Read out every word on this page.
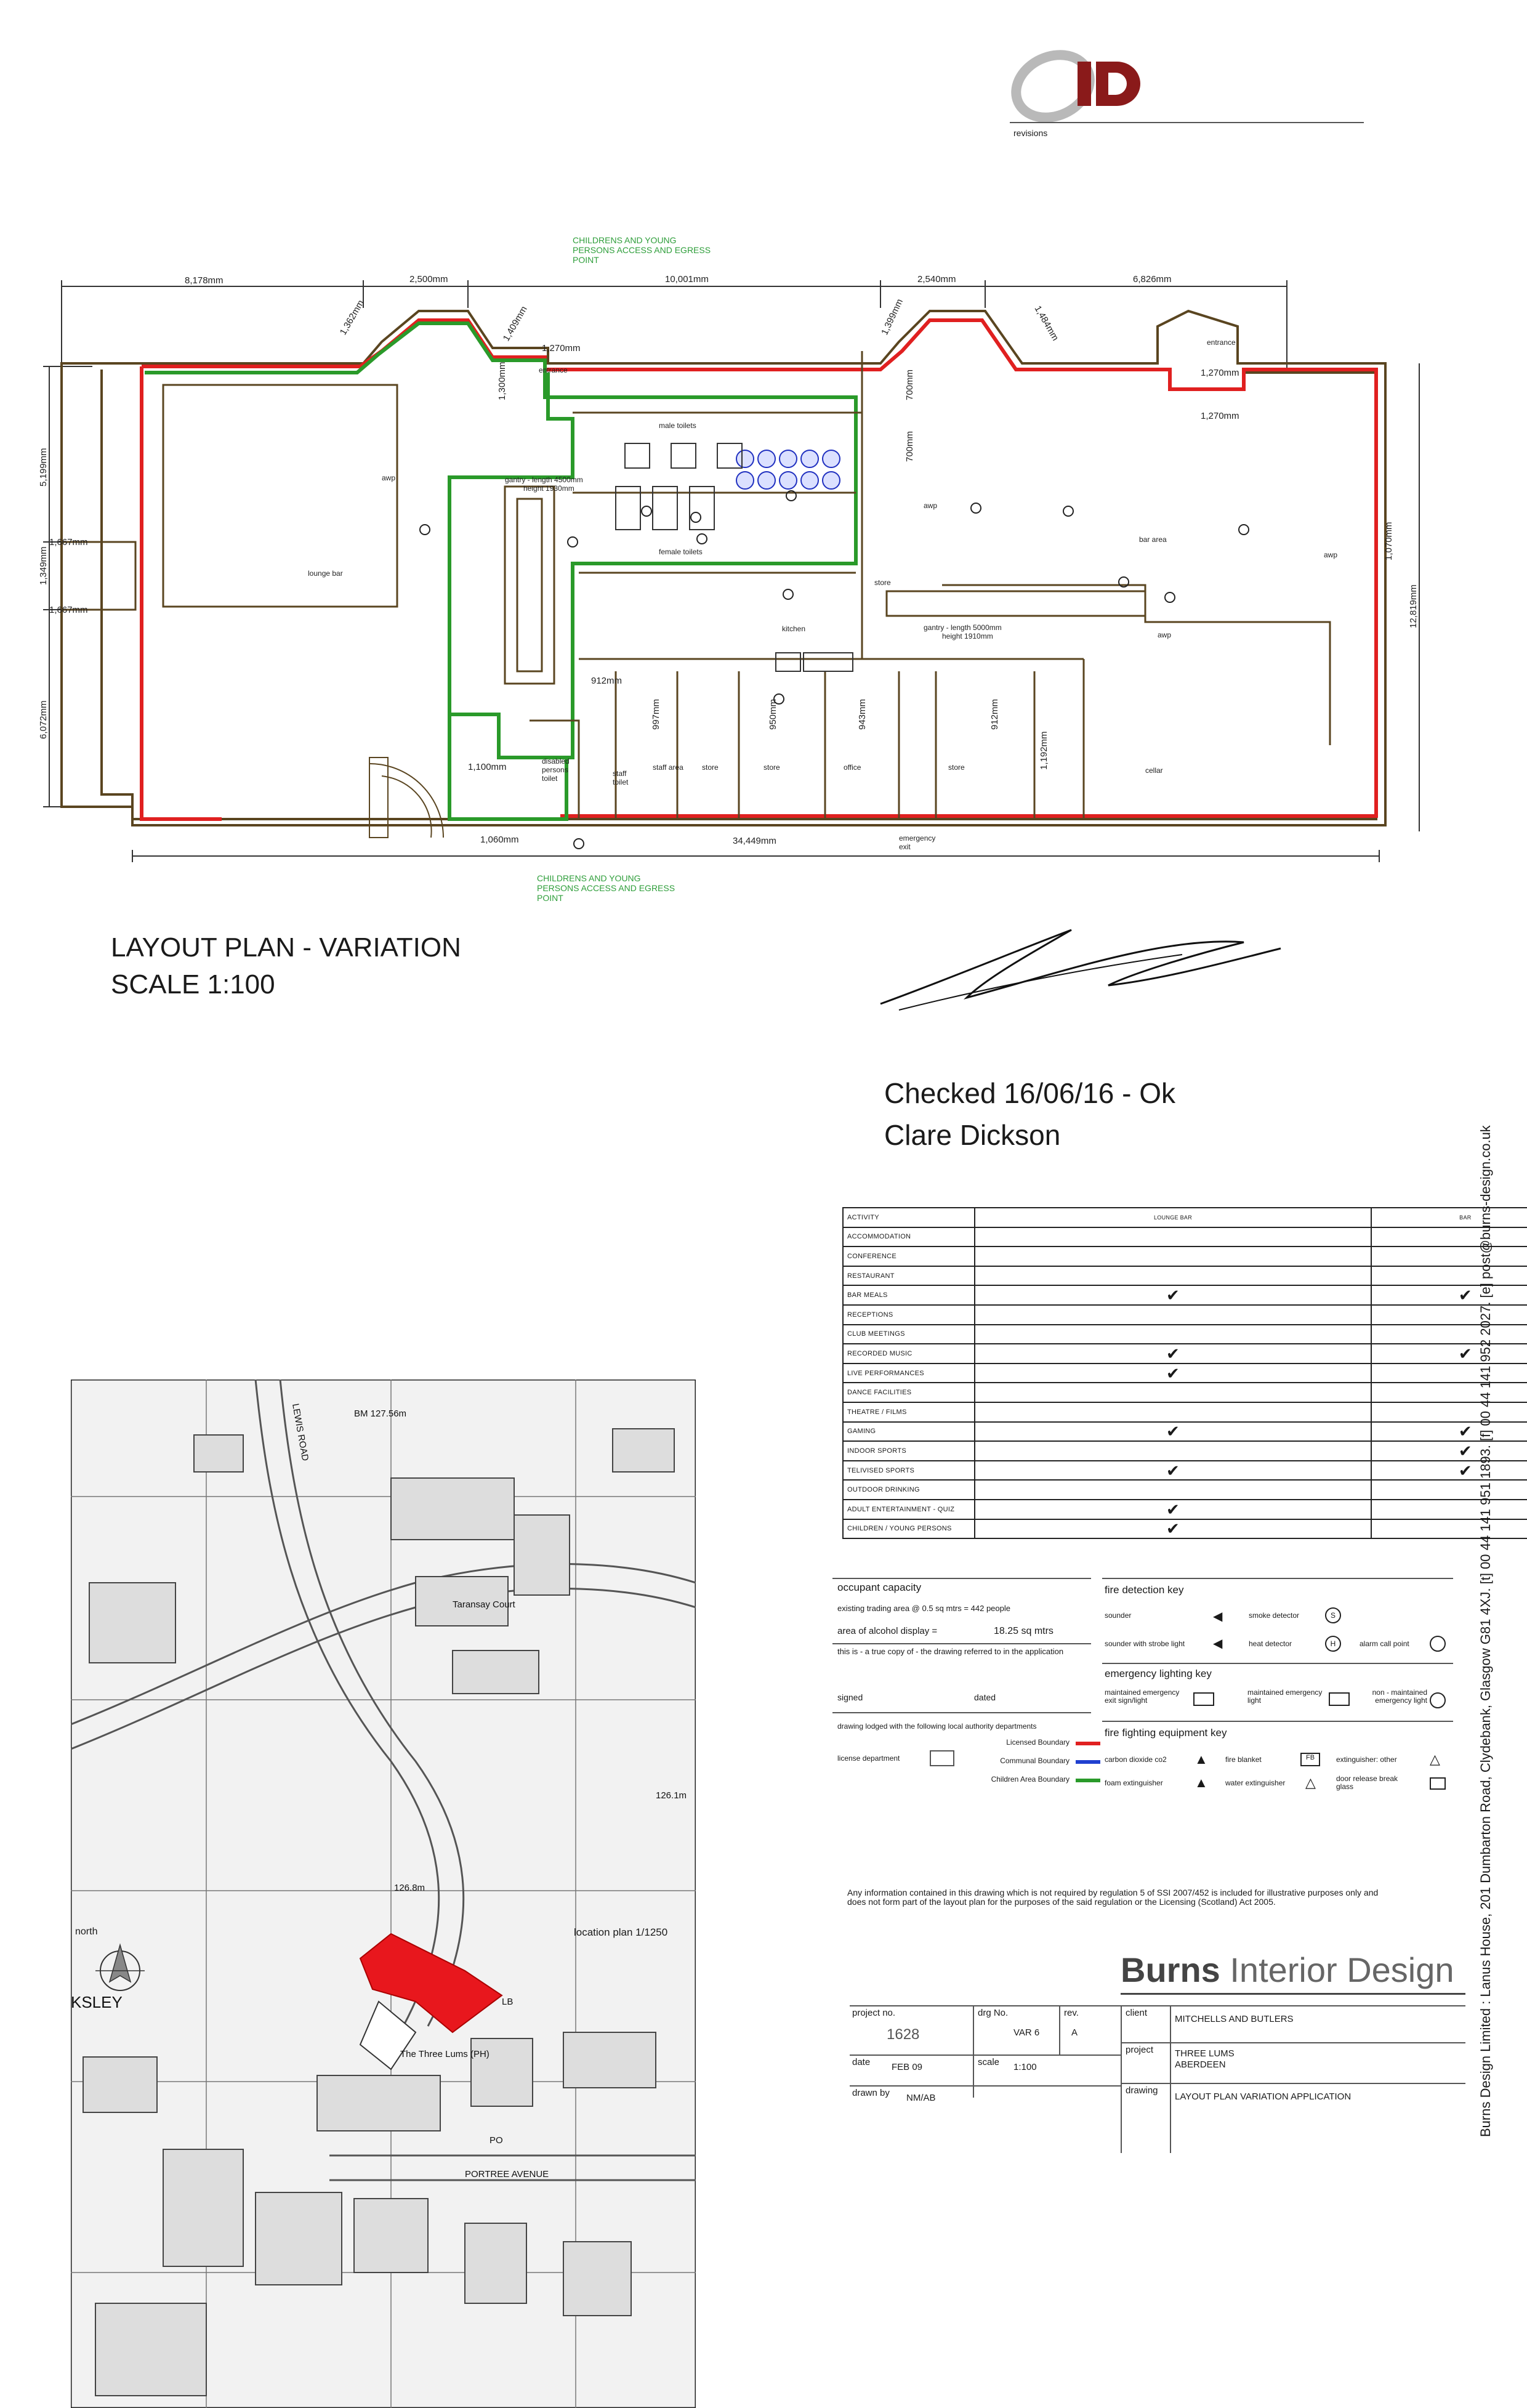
revisions
lounge bar
bar area
male toilets
female toilets
kitchen
store
cellar
office
staff area	store	store	store
disabled
persons
toilet
staff
toilet
entrance
entrance
emergency
exit
awp
awp
awp
awp
gantry - length 4500mm
height 1930mm
gantry - length 5000mm
height 1910mm
8,178mm	2,500mm	10,001mm	2,540mm	6,826mm
34,449mm
1,270mm
1,270mm
1,270mm
912mm
1,100mm
1,060mm
1,667mm
1,667mm
5,199mm
1,349mm
6,072mm
12,819mm
1,070mm
1,192mm
912mm
997mm	950mm	943mm
700mm
700mm
1,300mm
1,362mm	1,409mm	1,399mm	1,484mm
CHILDRENS AND YOUNG PERSONS ACCESS AND EGRESS POINT
CHILDRENS AND YOUNG PERSONS ACCESS AND EGRESS POINT
LAYOUT PLAN - VARIATION
SCALE 1:100
Checked 16/06/16 - Ok
Clare Dickson
ACTIVITY	LOUNGE BAR	BAR							
ACCOMMODATION									
CONFERENCE									
RESTAURANT									
BAR MEALS	✔	✔							
RECEPTIONS									
CLUB MEETINGS									
RECORDED MUSIC	✔	✔							
LIVE PERFORMANCES	✔								
DANCE FACILITIES									
THEATRE / FILMS									
GAMING	✔	✔							
INDOOR SPORTS		✔							
TELIVISED SPORTS	✔	✔							
OUTDOOR DRINKING									
ADULT ENTERTAINMENT - QUIZ	✔								
CHILDREN / YOUNG PERSONS	✔								
Taransay Court
The Three Lums (PH)
PORTREE AVENUE
BM 127.56m
126.8m
126.1m
PO
LB
LEWIS ROAD
KSLEY
north	location plan 1/1250
occupant capacity
existing trading area @ 0.5 sq mtrs = 442 people
area of alcohol display =	18.25 sq mtrs
this is - a true copy of - the drawing referred to in the application
signed	dated
drawing lodged with the following local authority departments
license department
Licensed Boundary
Communal Boundary
Children Area Boundary
fire detection key
sounder	◀	smoke detector	S
sounder with strobe light ◀	heat detector	H	alarm call point
emergency lighting key
maintained emergency exit sign/light
maintained emergency light
non - maintained emergency light
fire fighting equipment key
carbon dioxide co2 ▲ fire blanket	FB	extinguisher: other △
foam extinguisher ▲ water extinguisher △	door release break glass
Any information contained in this drawing which is not required by regulation 5 of SSI 2007/452 is included for illustrative purposes only and does not form part of the layout plan for the purposes of the said regulation or the Licensing (Scotland) Act 2005.
Burns Interior Design
project no.
1628
drg No.
VAR 6
rev.
A
date FEB 09	scale 1:100
drawn by NM/AB
client
MITCHELLS AND BUTLERS
project THREE LUMS
ABERDEEN
drawing
LAYOUT PLAN VARIATION APPLICATION	Burns Design Limited : Lanus House, 201 Dumbarton Road, Clydebank, Glasgow G81 4XJ. [t] 00 44 141 951 1893. [f] 00 44 141 952 2027. [e] post@burns-design.co.uk
